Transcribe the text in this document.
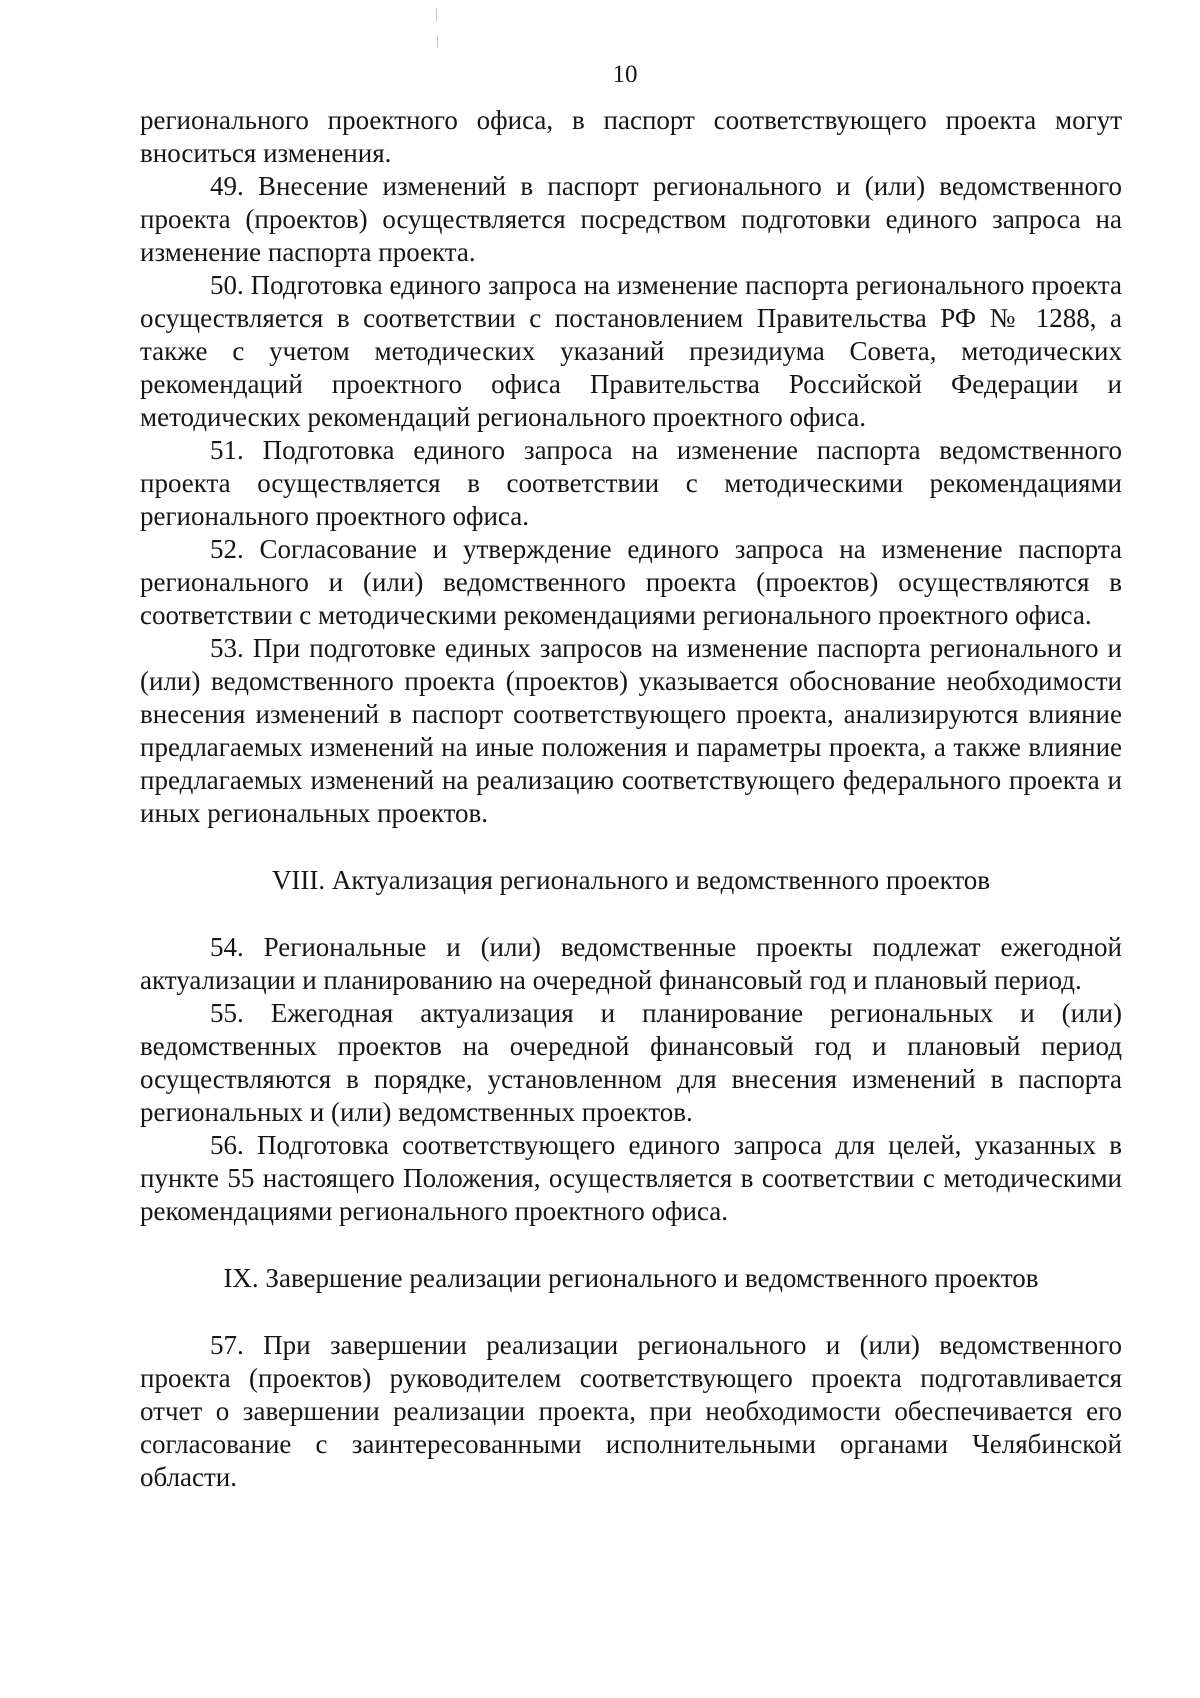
10

регионального проектного офиса, в паспорт соответствующего проекта могут вноситься изменения.

49. Внесение изменений в паспорт регионального и (или) ведомственного проекта (проектов) осуществляется посредством подготовки единого запроса на изменение паспорта проекта.

50. Подготовка единого запроса на изменение паспорта регионального проекта осуществляется в соответствии с постановлением Правительства РФ № 1288, а также с учетом методических указаний президиума Совета, методических рекомендаций проектного офиса Правительства Российской Федерации и методических рекомендаций регионального проектного офиса.

51. Подготовка единого запроса на изменение паспорта ведомственного проекта осуществляется в соответствии с методическими рекомендациями регионального проектного офиса.

52. Согласование и утверждение единого запроса на изменение паспорта регионального и (или) ведомственного проекта (проектов) осуществляются в соответствии с методическими рекомендациями регионального проектного офиса.

53. При подготовке единых запросов на изменение паспорта регионального и (или) ведомственного проекта (проектов) указывается обоснование необходимости внесения изменений в паспорт соответствующего проекта, анализируются влияние предлагаемых изменений на иные положения и параметры проекта, а также влияние предлагаемых изменений на реализацию соответствующего федерального проекта и иных региональных проектов.

VIII. Актуализация регионального и ведомственного проектов

54. Региональные и (или) ведомственные проекты подлежат ежегодной актуализации и планированию на очередной финансовый год и плановый период.

55. Ежегодная актуализация и планирование региональных и (или) ведомственных проектов на очередной финансовый год и плановый период осуществляются в порядке, установленном для внесения изменений в паспорта региональных и (или) ведомственных проектов.

56. Подготовка соответствующего единого запроса для целей, указанных в пункте 55 настоящего Положения, осуществляется в соответствии с методическими рекомендациями регионального проектного офиса.

IX. Завершение реализации регионального и ведомственного проектов

57. При завершении реализации регионального и (или) ведомственного проекта (проектов) руководителем соответствующего проекта подготавливается отчет о завершении реализации проекта, при необходимости обеспечивается его согласование с заинтересованными исполнительными органами Челябинской области.
